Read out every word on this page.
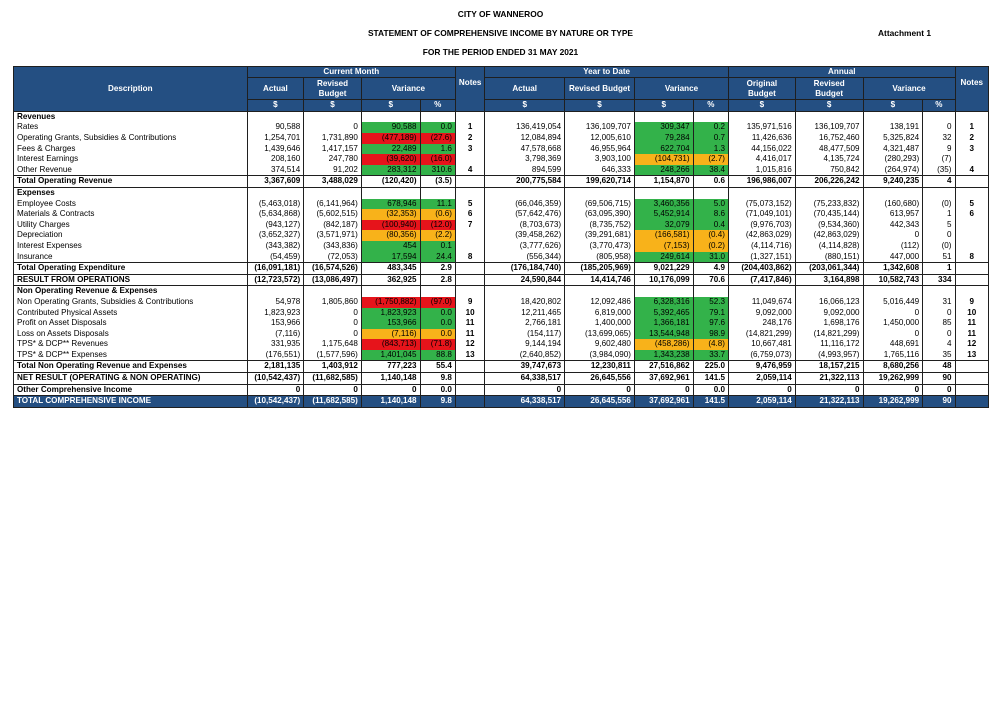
CITY OF WANNEROO
STATEMENT OF COMPREHENSIVE INCOME BY NATURE OR TYPE	Attachment 1
FOR THE PERIOD ENDED 31 MAY 2021
Description	Current Month				Notes	Year to Date				Annual				Notes
	Actual	Revised Budget	Variance			Actual	Revised Budget	Variance		Original Budget	Revised Budget	Variance		
	$	$	$	%		$	$	$	%	$	$	$	%	
Revenues														
Rates	90,588	0	90,588	0.0	1	136,419,054	136,109,707	309,347	0.2	135,971,516	136,109,707	138,191	0	1
Operating Grants, Subsidies & Contributions	1,254,701	1,731,890	(477,189)	(27.6)	2	12,084,894	12,005,610	79,284	0.7	11,426,636	16,752,460	5,325,824	32	2
Fees & Charges	1,439,646	1,417,157	22,489	1.6	3	47,578,668	46,955,964	622,704	1.3	44,156,022	48,477,509	4,321,487	9	3
Interest Earnings	208,160	247,780	(39,620)	(16.0)		3,798,369	3,903,100	(104,731)	(2.7)	4,416,017	4,135,724	(280,293)	(7)	
Other Revenue	374,514	91,202	283,312	310.6	4	894,599	646,333	248,266	38.4	1,015,816	750,842	(264,974)	(35)	4
Total Operating Revenue	3,367,609	3,488,029	(120,420)	(3.5)		200,775,584	199,620,714	1,154,870	0.6	196,986,007	206,226,242	9,240,235	4	
Expenses														
Employee Costs	(5,463,018)	(6,141,964)	678,946	11.1	5	(66,046,359)	(69,506,715)	3,460,356	5.0	(75,073,152)	(75,233,832)	(160,680)	(0)	5
Materials & Contracts	(5,634,868)	(5,602,515)	(32,353)	(0.6)	6	(57,642,476)	(63,095,390)	5,452,914	8.6	(71,049,101)	(70,435,144)	613,957	1	6
Utility Charges	(943,127)	(842,187)	(100,940)	(12.0)	7	(8,703,673)	(8,735,752)	32,079	0.4	(9,976,703)	(9,534,360)	442,343	5	
Depreciation	(3,652,327)	(3,571,971)	(80,356)	(2.2)		(39,458,262)	(39,291,681)	(166,581)	(0.4)	(42,863,029)	(42,863,029)	0	0	
Interest Expenses	(343,382)	(343,836)	454	0.1		(3,777,626)	(3,770,473)	(7,153)	(0.2)	(4,114,716)	(4,114,828)	(112)	(0)	
Insurance	(54,459)	(72,053)	17,594	24.4	8	(556,344)	(805,958)	249,614	31.0	(1,327,151)	(880,151)	447,000	51	8
Total Operating Expenditure	(16,091,181)	(16,574,526)	483,345	2.9		(176,184,740)	(185,205,969)	9,021,229	4.9	(204,403,862)	(203,061,344)	1,342,608	1	
RESULT FROM OPERATIONS	(12,723,572)	(13,086,497)	362,925	2.8		24,590,844	14,414,746	10,176,099	70.6	(7,417,846)	3,164,898	10,582,743	334	
Non Operating Revenue & Expenses														
Non Operating Grants, Subsidies & Contributions	54,978	1,805,860	(1,750,882)	(97.0)	9	18,420,802	12,092,486	6,328,316	52.3	11,049,674	16,066,123	5,016,449	31	9
Contributed Physical Assets	1,823,923	0	1,823,923	0.0	10	12,211,465	6,819,000	5,392,465	79.1	9,092,000	9,092,000	0	0	10
Profit on Asset Disposals	153,966	0	153,966	0.0	11	2,766,181	1,400,000	1,366,181	97.6	248,176	1,698,176	1,450,000	85	11
Loss on Assets Disposals	(7,116)	0	(7,116)	0.0	11	(154,117)	(13,699,065)	13,544,948	98.9	(14,821,299)	(14,821,299)	0	0	11
TPS* & DCP** Revenues	331,935	1,175,648	(843,713)	(71.8)	12	9,144,194	9,602,480	(458,286)	(4.8)	10,667,481	11,116,172	448,691	4	12
TPS* & DCP** Expenses	(176,551)	(1,577,596)	1,401,045	88.8	13	(2,640,852)	(3,984,090)	1,343,238	33.7	(6,759,073)	(4,993,957)	1,765,116	35	13
Total Non Operating Revenue and Expenses	2,181,135	1,403,912	777,223	55.4		39,747,673	12,230,811	27,516,862	225.0	9,476,959	18,157,215	8,680,256	48	
NET RESULT (OPERATING & NON OPERATING)	(10,542,437)	(11,682,585)	1,140,148	9.8		64,338,517	26,645,556	37,692,961	141.5	2,059,114	21,322,113	19,262,999	90	
Other Comprehensive Income	0	0	0	0.0		0	0	0	0.0	0	0	0	0	
TOTAL COMPREHENSIVE INCOME	(10,542,437)	(11,682,585)	1,140,148	9.8		64,338,517	26,645,556	37,692,961	141.5	2,059,114	21,322,113	19,262,999	90	
